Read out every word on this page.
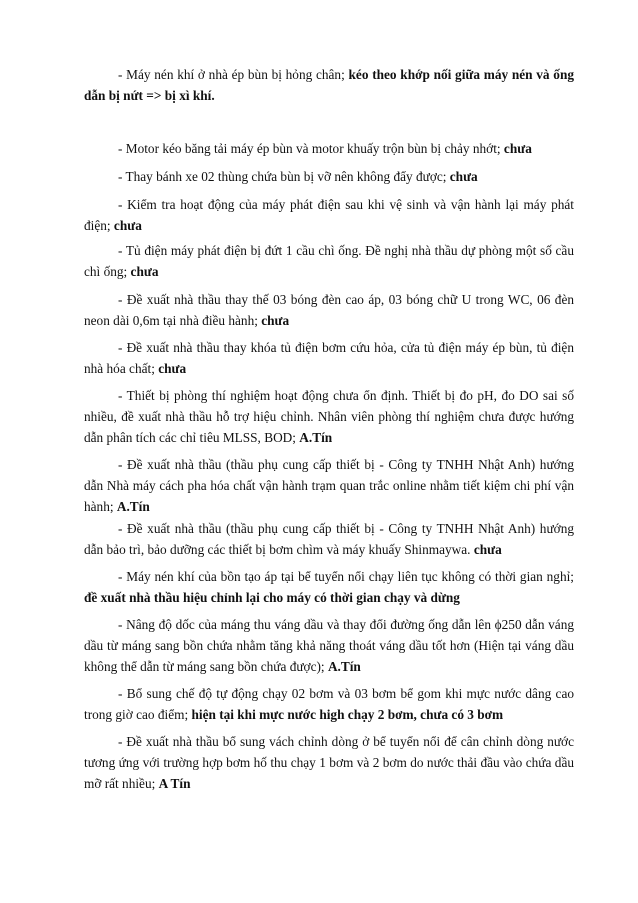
- Máy nén khí ở nhà ép bùn bị hỏng chân; kéo theo khớp nối giữa máy nén và ống dẫn bị nứt => bị xì khí.

- Motor kéo băng tải máy ép bùn và motor khuấy trộn bùn bị chảy nhớt; chưa

- Thay bánh xe 02 thùng chứa bùn bị vỡ nên không đẩy được; chưa

- Kiểm tra hoạt động của máy phát điện sau khi vệ sinh và vận hành lại máy phát điện; chưa

- Tủ điện máy phát điện bị đứt 1 cầu chì ống. Đề nghị nhà thầu dự phòng một số cầu chì ống; chưa

- Đề xuất nhà thầu thay thế 03 bóng đèn cao áp, 03 bóng chữ U trong WC, 06 đèn neon dài 0,6m tại nhà điều hành; chưa

- Đề xuất nhà thầu thay khóa tủ điện bơm cứu hỏa, cửa tủ điện máy ép bùn, tủ điện nhà hóa chất; chưa

- Thiết bị phòng thí nghiệm hoạt động chưa ổn định. Thiết bị đo pH, đo DO sai số nhiều, đề xuất nhà thầu hỗ trợ hiệu chỉnh. Nhân viên phòng thí nghiệm chưa được hướng dẫn phân tích các chỉ tiêu MLSS, BOD; A.Tín

- Đề xuất nhà thầu (thầu phụ cung cấp thiết bị - Công ty TNHH Nhật Anh) hướng dẫn Nhà máy cách pha hóa chất vận hành trạm quan trắc online nhằm tiết kiệm chi phí vận hành; A.Tín

- Đề xuất nhà thầu (thầu phụ cung cấp thiết bị - Công ty TNHH Nhật Anh) hướng dẫn bảo trì, bảo dưỡng các thiết bị bơm chìm và máy khuấy Shinmaywa. chưa

- Máy nén khí của bồn tạo áp tại bể tuyển nổi chạy liên tục không có thời gian nghỉ; đề xuất nhà thầu hiệu chỉnh lại cho máy có thời gian chạy và dừng

- Nâng độ dốc của máng thu váng dầu và thay đổi đường ống dẫn lên ϕ250 dẫn váng dầu từ máng sang bồn chứa nhằm tăng khả năng thoát váng dầu tốt hơn (Hiện tại váng dầu không thể dẫn từ máng sang bồn chứa được); A.Tín

- Bổ sung chế độ tự động chạy 02 bơm và 03 bơm bể gom khi mực nước dâng cao trong giờ cao điểm; hiện tại khi mực nước high chạy 2 bơm, chưa có 3 bơm

- Đề xuất nhà thầu bổ sung vách chỉnh dòng ở bể tuyển nổi để cân chỉnh dòng nước tương ứng với trường hợp bơm hố thu chạy 1 bơm và 2 bơm do nước thải đầu vào chứa dầu mỡ rất nhiều; A Tín
